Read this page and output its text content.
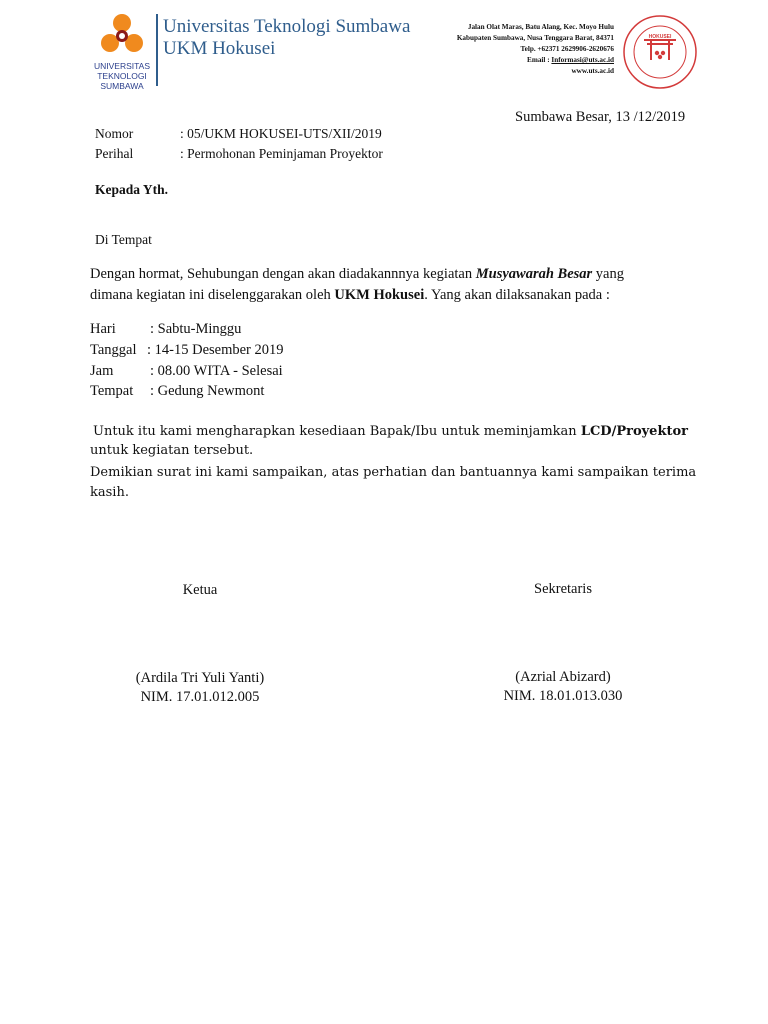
UNIVERSITAS
TEKNOLOGI
SUMBAWA
Universitas Teknologi Sumbawa
UKM Hokusei
Jalan Olat Maras, Batu Alang, Kec. Moyo Hulu
Kabupaten Sumbawa, Nusa Tenggara Barat, 84371
Telp. +62371 2629906-2620676
Email : Informasi@uts.ac.id
www.uts.ac.id
HOKUSEI
Sumbawa Besar, 13 /12/2019
Nomor	: 05/UKM HOKUSEI-UTS/XII/2019
Perihal	: Permohonan Peminjaman Proyektor
Kepada Yth.
Di Tempat
Dengan hormat, Sehubungan dengan akan diadakannnya kegiatan Musyawarah Besar yang
dimana kegiatan ini diselenggarakan oleh UKM Hokusei. Yang akan dilaksanakan pada :
Hari : Sabtu-Minggu
Tanggal : 14-15 Desember 2019
Jam	: 08.00 WITA - Selesai
Tempat : Gedung Newmont
Untuk itu kami mengharapkan kesediaan Bapak/Ibu untuk meminjamkan LCD/Proyektor
untuk kegiatan tersebut.
Demikian surat ini kami sampaikan, atas perhatian dan bantuannya kami sampaikan terima
kasih.
Ketua	Sekretaris
(Ardila Tri Yuli Yanti)	(Azrial Abizard)
NIM. 17.01.012.005	NIM. 18.01.013.030
